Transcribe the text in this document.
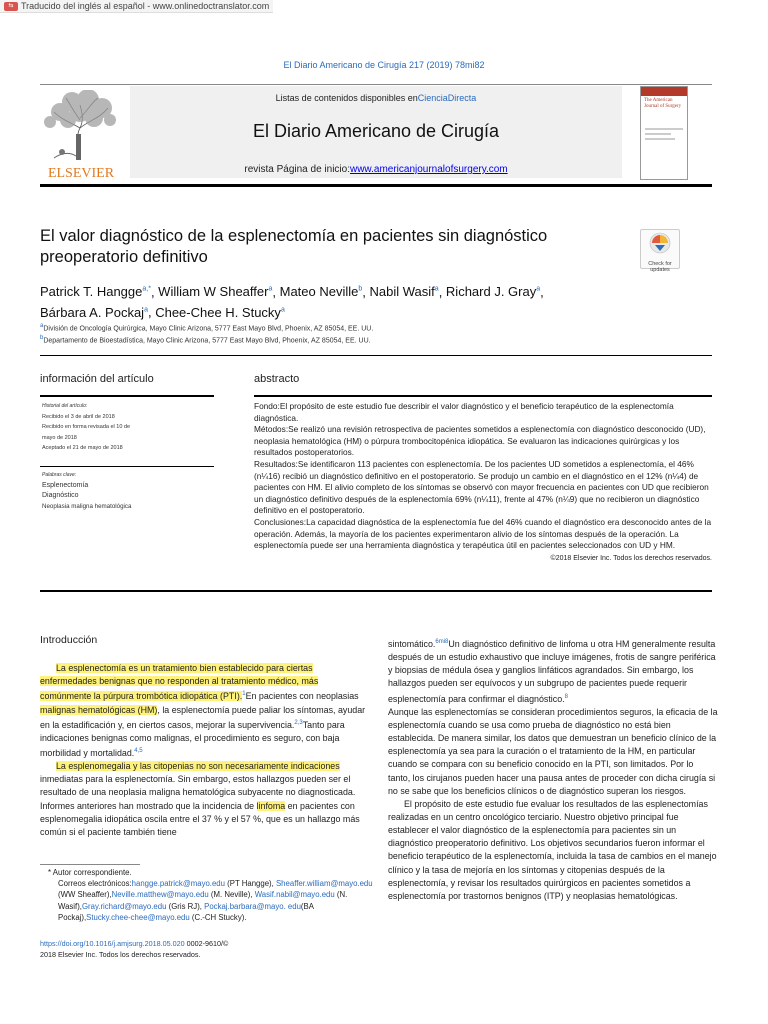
⇆ Traducido del inglés al español - www.onlinedoctranslator.com
El Diario Americano de Cirugía 217 (2019) 78mi82
ELSEVIER
Listas de contenidos disponibles enCienciaDirecta
El Diario Americano de Cirugía
revista Página de inicio:www.americanjournalofsurgery.com
The American Journal of Surgery
El valor diagnóstico de la esplenectomía en pacientes sin diagnóstico preoperatorio definitivo	Check for updates
Patrick T. Hangge$^{a,*}$, William W Sheaffer$^a$, Mateo Neville$^b$, Nabil Wasif$^a$, Richard J. Gray$^a$, Bárbara A. Pockaj$^a$, Chee-Chee H. Stucky$^a$
$^a$División de Oncología Quirúrgica, Mayo Clinic Arizona, 5777 East Mayo Blvd, Phoenix, AZ 85054, EE. UU.
$^b$Departamento de Bioestadística, Mayo Clinic Arizona, 5777 East Mayo Blvd, Phoenix, AZ 85054, EE. UU.
información del artículo
Historial del artículo:
Recibido el 3 de abril de 2018
Recibido en forma revisada el 10 de
mayo de 2018
Aceptado el 21 de mayo de 2018
Palabras clave:
Esplenectomía
Diagnóstico
Neoplasia maligna hematológica
abstracto

Fondo:El propósito de este estudio fue describir el valor diagnóstico y el beneficio terapéutico de la esplenectomía diagnóstica.

Métodos:Se realizó una revisión retrospectiva de pacientes sometidos a esplenectomía con diagnóstico desconocido (UD), neoplasia hematológica (HM) o púrpura trombocitopénica idiopática. Se evaluaron las indicaciones quirúrgicas y los resultados postoperatorios.

Resultados:Se identificaron 113 pacientes con esplenectomía. De los pacientes UD sometidos a esplenectomía, el 46% (n¼16) recibió un diagnóstico definitivo en el postoperatorio. Se produjo un cambio en el diagnóstico en el 12% (n¼4) de pacientes con HM. El alivio completo de los síntomas se observó con mayor frecuencia en pacientes con UD que recibieron un diagnóstico definitivo después de la esplenectomía 69% (n¼11), frente al 47% (n¼9) que no recibieron un diagnóstico definitivo en el postoperatorio.

Conclusiones:La capacidad diagnóstica de la esplenectomía fue del 46% cuando el diagnóstico era desconocido antes de la operación. Además, la mayoría de los pacientes experimentaron alivio de los síntomas después de la operación. La esplenectomía puede ser una herramienta diagnóstica y terapéutica útil en pacientes seleccionados con UD y HM.

©2018 Elsevier Inc. Todos los derechos reservados.
Introducción

La esplenectomía es un tratamiento bien establecido para ciertas enfermedades benignas que no responden al tratamiento médico, más comúnmente la púrpura trombótica idiopática (PTI).$^1$En pacientes con neoplasias malignas hematológicas (HM), la esplenectomía puede paliar los síntomas, ayudar en la estadificación y, en ciertos casos, mejorar la supervivencia.$^{2,3}$Tanto para indicaciones benignas como malignas, el procedimiento es seguro, con baja morbilidad y mortalidad.$^{4,5}$

La esplenomegalia y las citopenias no son necesariamente indicaciones inmediatas para la esplenectomía. Sin embargo, estos hallazgos pueden ser el resultado de una neoplasia maligna hematológica subyacente no diagnosticada. Informes anteriores han mostrado que la incidencia de linfoma en pacientes con esplenomegalia idiopática oscila entre el 37 % y el 57 %, que es un hallazgo más común si el paciente también tiene

sintomático.$^{6mi8}$Un diagnóstico definitivo de linfoma u otra HM generalmente resulta después de un estudio exhaustivo que incluye imágenes, frotis de sangre periférica y biopsias de médula ósea y ganglios linfáticos agrandados. Sin embargo, los hallazgos pueden ser equívocos y un subgrupo de pacientes puede requerir esplenectomía para confirmar el diagnóstico.$^8$

Aunque las esplenectomías se consideran procedimientos seguros, la eficacia de la esplenectomía cuando se usa como prueba de diagnóstico no está bien establecida. De manera similar, los datos que demuestran un beneficio clínico de la esplenectomía ya sea para la curación o el tratamiento de la HM, en particular cuando se compara con su beneficio conocido en la PTI, son limitados. Por lo tanto, los cirujanos pueden hacer una pausa antes de proceder con dicha cirugía si no se sabe que los beneficios clínicos o de diagnóstico superan los riesgos.

El propósito de este estudio fue evaluar los resultados de las esplenectomías realizadas en un centro oncológico terciario. Nuestro objetivo principal fue establecer el valor diagnóstico de la esplenectomía para pacientes sin un diagnóstico preoperatorio definitivo. Los objetivos secundarios fueron informar el beneficio terapéutico de la esplenectomía, incluida la tasa de cambios en el manejo clínico y la tasa de mejoría en los síntomas y citopenias después de la esplenectomía, y revisar los resultados quirúrgicos en pacientes sometidos a esplenectomía por trastornos benignos (ITP) y neoplasias hematológicas.

* Autor correspondiente.
Correos electrónicos:hangge.patrick@mayo.edu (PT Hangge), Sheaffer.william@mayo.edu (WW Sheaffer),Neville.matthew@mayo.edu (M. Neville), Wasif.nabil@mayo.edu (N. Wasif),Gray.richard@mayo.edu (Gris RJ), Pockaj.barbara@mayo. edu(BA Pockaj),Stucky.chee-chee@mayo.edu (C.-CH Stucky).
https://doi.org/10.1016/j.amjsurg.2018.05.020 0002-9610/©
2018 Elsevier Inc. Todos los derechos reservados.
